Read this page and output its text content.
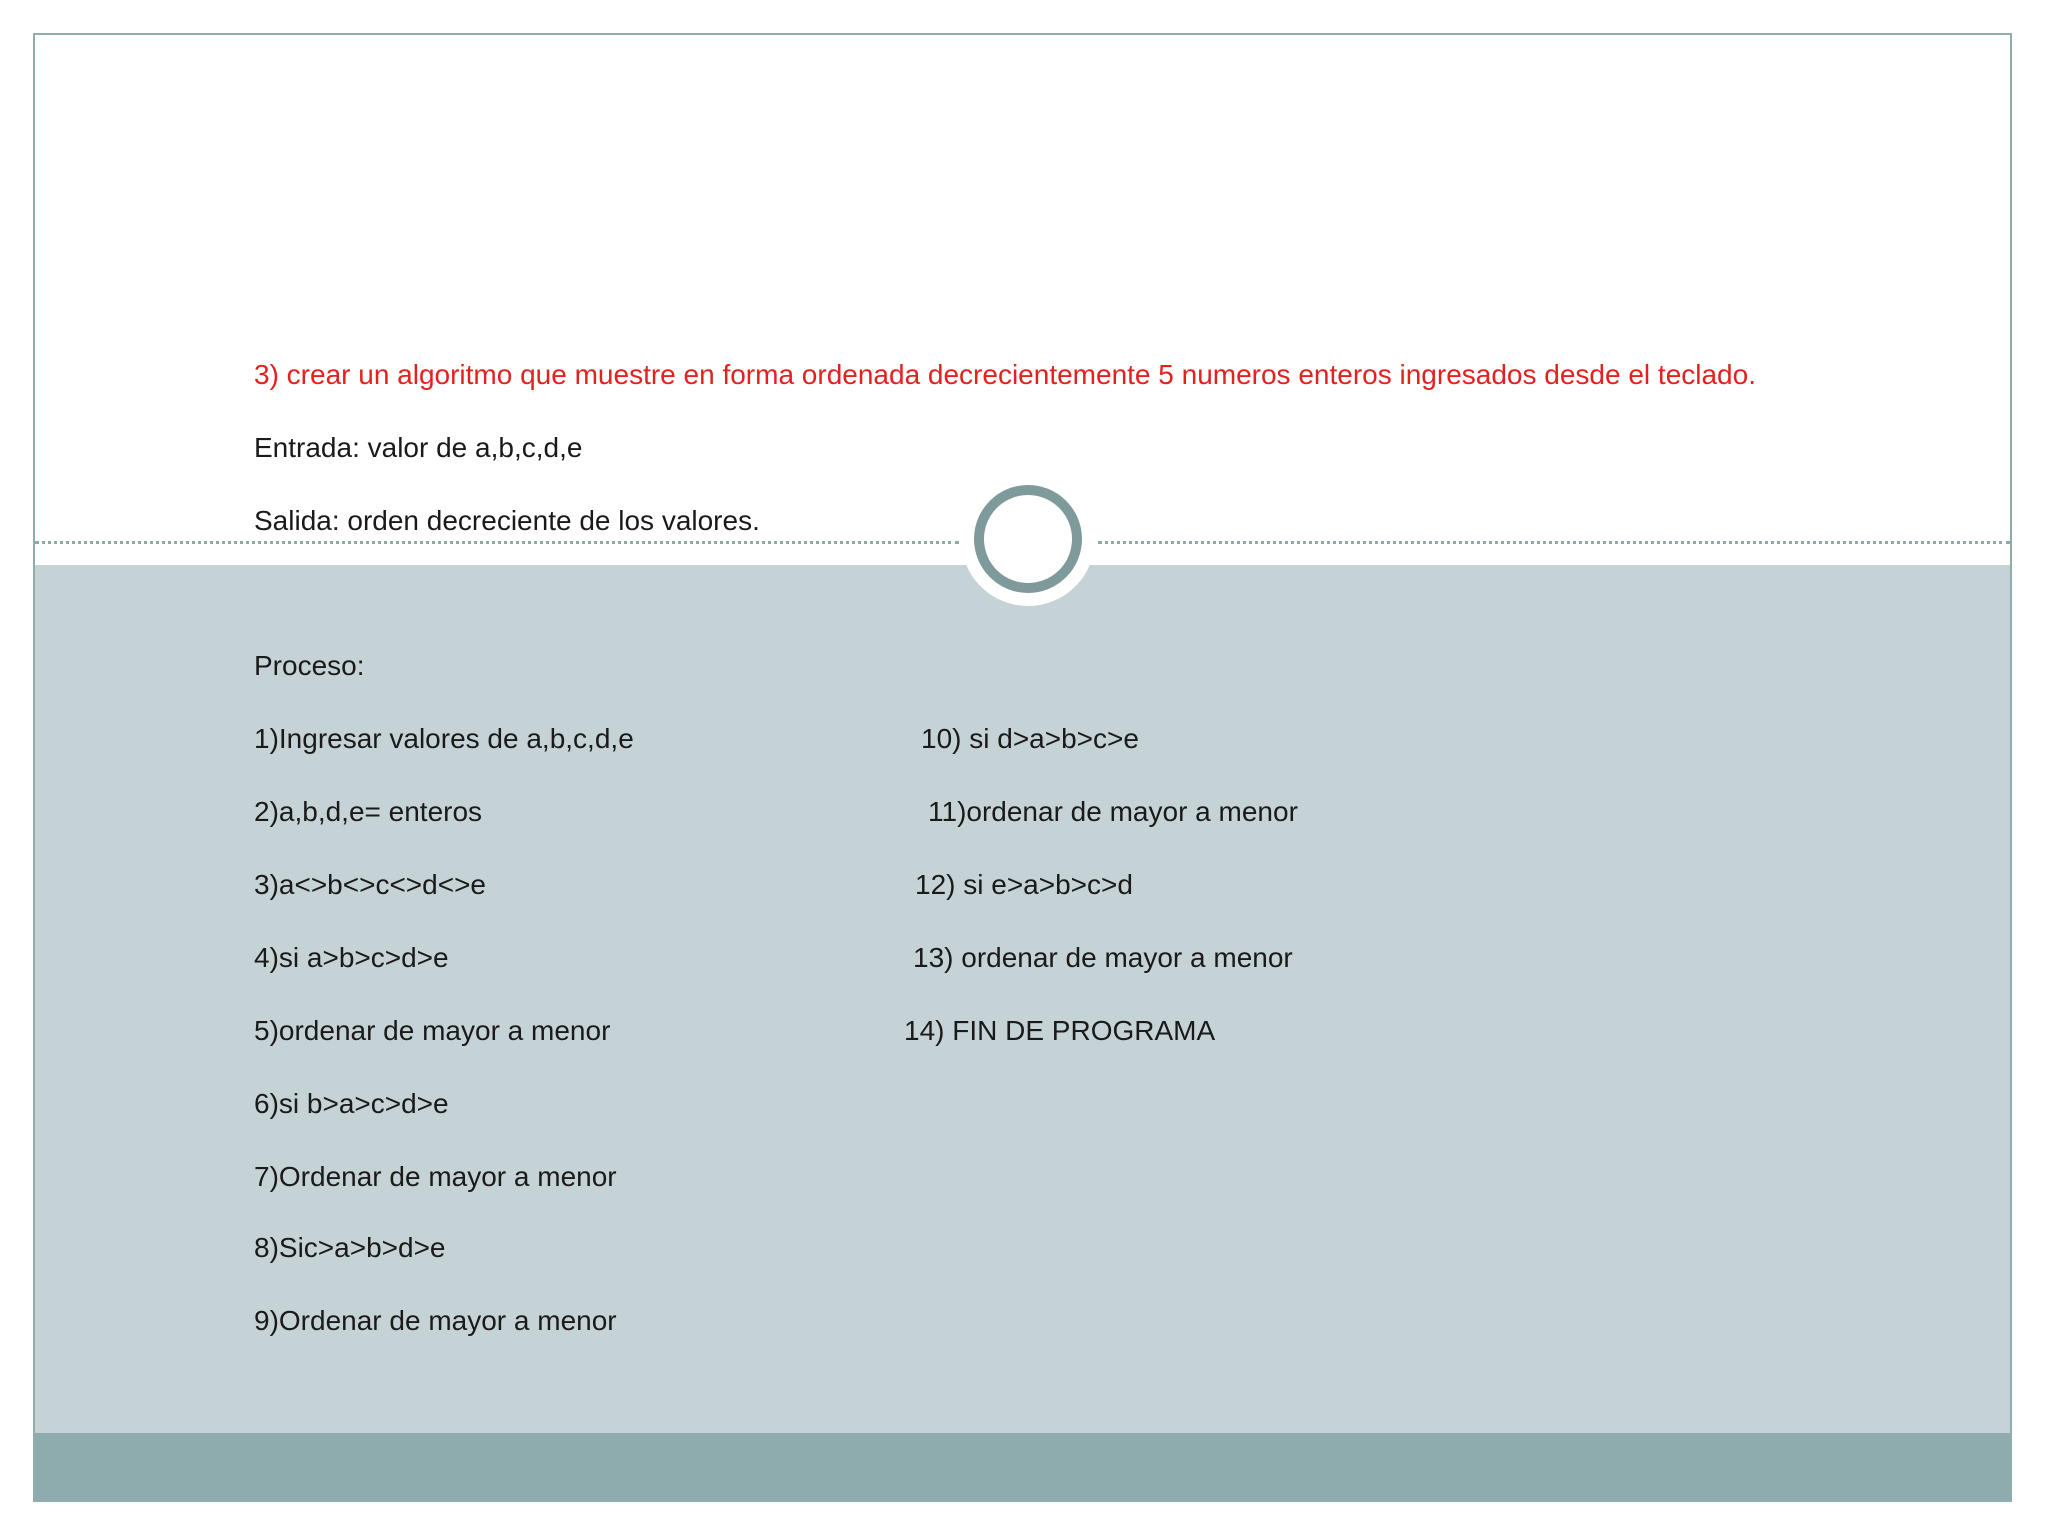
3) crear un algoritmo que muestre en forma ordenada decrecientemente 5 numeros enteros ingresados desde el teclado.
Entrada: valor de a,b,c,d,e
Salida: orden decreciente de los valores.
Proceso:
1)Ingresar valores de a,b,c,d,e
2)a,b,d,e= enteros
3)a<>b<>c<>d<>e
4)si a>b>c>d>e
5)ordenar de mayor a menor
6)si b>a>c>d>e
7)Ordenar de mayor a menor
8)Sic>a>b>d>e
9)Ordenar de mayor a menor
10) si d>a>b>c>e
11)ordenar de mayor a menor
12) si e>a>b>c>d
13) ordenar de mayor a menor
14) FIN DE PROGRAMA
